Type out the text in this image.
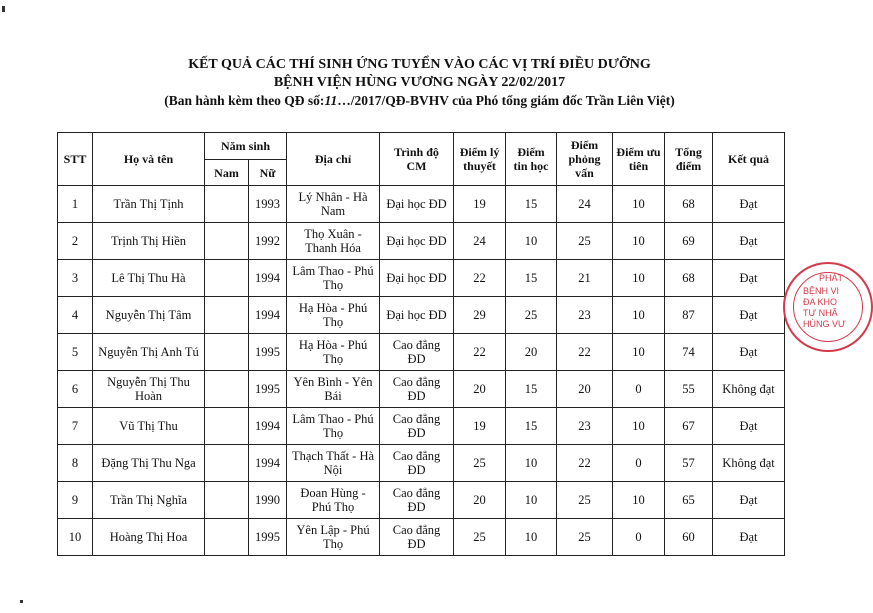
KẾT QUẢ CÁC THÍ SINH ỨNG TUYỂN VÀO CÁC VỊ TRÍ ĐIỀU DƯỠNG
BỆNH VIỆN HÙNG VƯƠNG NGÀY 22/02/2017
(Ban hành kèm theo QĐ số:11…/2017/QĐ-BVHV của Phó tổng giám đốc Trần Liên Việt)
STT	Họ và tên	Năm sinh		Địa chỉ	Trình độ CM	Điểm lý thuyết	Điểm tin học	Điểm phỏng vấn	Điểm ưu tiên	Tổng điểm	Kết quả
		Nam	Nữ								
1	Trần Thị Tịnh		1993	Lý Nhân - Hà Nam	Đại học ĐD	19	15	24	10	68	Đạt
2	Trịnh Thị Hiền		1992	Thọ Xuân - Thanh Hóa	Đại học ĐD	24	10	25	10	69	Đạt
3	Lê Thị Thu Hà		1994	Lâm Thao - Phú Thọ	Đại học ĐD	22	15	21	10	68	Đạt
4	Nguyễn Thị Tâm		1994	Hạ Hòa - Phú Thọ	Đại học ĐD	29	25	23	10	87	Đạt
5	Nguyễn Thị Anh Tú		1995	Hạ Hòa - Phú Thọ	Cao đẳng ĐD	22	20	22	10	74	Đạt
6	Nguyễn Thị Thu Hoàn		1995	Yên Bình - Yên Bái	Cao đẳng ĐD	20	15	20	0	55	Không đạt
7	Vũ Thị Thu		1994	Lâm Thao - Phú Thọ	Cao đẳng ĐD	19	15	23	10	67	Đạt
8	Đặng Thị Thu Nga		1994	Thạch Thất - Hà Nội	Cao đẳng ĐD	25	10	22	0	57	Không đạt
9	Trần Thị Nghĩa		1990	Đoan Hùng - Phú Thọ	Cao đẳng ĐD	20	10	25	10	65	Đạt
10	Hoàng Thị Hoa		1995	Yên Lập - Phú Thọ	Cao đẳng ĐD	25	10	25	0	60	Đạt
PHÁT
BỆNH VI
ĐA KHO
TƯ NHÂ
HÙNG VƯ
